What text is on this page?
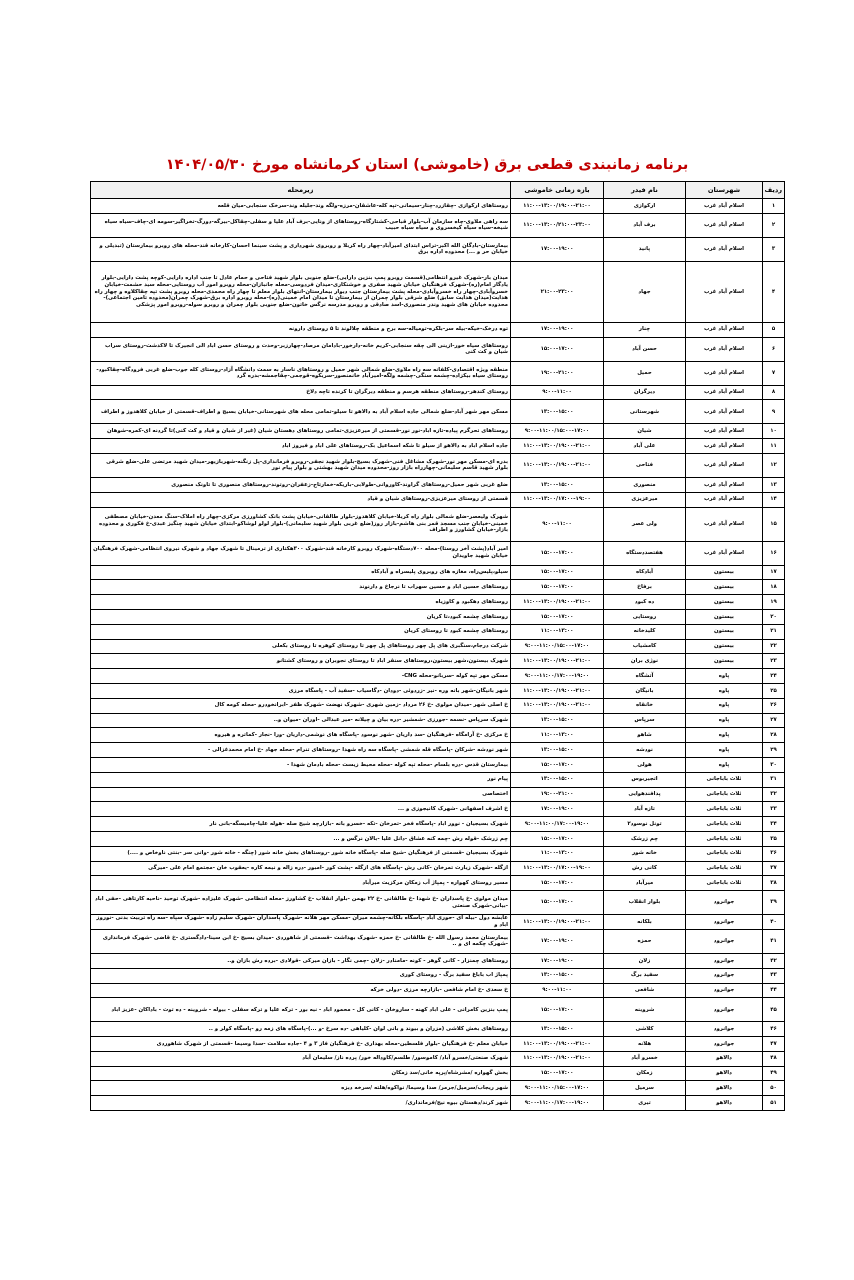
برنامه زمانبندی قطعی برق (خاموشی) استان کرمانشاه مورخ ۱۴۰۴/۰۵/۳۰
ردیف	شهرستان	نام فیدر	بازه زمانی خاموشی	زیرمحله
۱	اسلام آباد غرب	ارکوازی	۱۱:۰۰-۱۳:۰۰/۱۹:۰۰-۲۱:۰۰	روستاهای ارکوازی -چقازرد-چنار-سیمانی-تپه کله-عاشقان-مرزه-ولگه وند-جلیله وند-سرخک سنجابی-میان قلعه
۲	اسلام آباد غرب	برف آباد	۱۱:۰۰-۱۳:۰۰/۲۱:۰۰-۲۳:۰۰	سه راهی ملاوی-چاه سازمان آب-بلوار قباحی-کشتارگاه-روستاهای از ونایی-برف آباد علیا و سفلی-چقاکل-بیرگه-دورگ-تخراگیر-سومه ای-چاف-سیاه سیاه شیخه-سیاه سیاه کیخسروی و سیاه سیاه حبیب
۳	اسلام آباد غرب	پانیذ	۱۷:۰۰-۱۹:۰۰	بیمارستان-بادگان الله اکبر-تراس ابتدای امیرآباد-چهار راه کربلا و روبروی شهرداری و پشت سینما احسان-کارخانه قند-محله های روبرو بیمارستان (تبدیلی و خیابان حر و ...) محدوده اداره برق
۴	اسلام آباد غرب	جهاد	۲۱:۰۰-۲۳:۰۰	میدان بار-شهرک غیرو انتظامی(قسمت روبرو پمپ بنزین دارایی)-ضلع جنوبی بلوار شهید فتاحی و حمام عادل تا جنب اداره دارایی-کوچه پشت دارایی-بلوار یادگار امام(ره)-شهرک فرهنگیان خیابان شهید صفری و خوشنکاری-میدان فردوسی-محله جانبازان-محله روبرو امور آب روستایی-محله سید حشمت-خیابان خسروآبادی-چهار راه خسروآبادی-محله پشت بیمارستان جنب دیوار بیمارستان-انتهای بلوار معلم تا چهار راه محمدی-محله روبرو پشت تپه چقاکلاوه و چهار راه هدایت(میدان هدایت سابق) ضلع شرقی بلوار چمران از بیمارستان تا میدان امام خمینی(ره)-محله روبرو اداره برق-شهرک چمران(محدوده تامین اجتماعی)-محدوده خیابان های شهید وندر منصوری-اسد صادقی و روبرو مدرسه نرگس خاتون-ضلع جنوبی بلوار چمران و روبرو سوله-روبرو امور پزشکی
۵	اسلام آباد غرب	چنار	۱۷:۰۰-۱۹:۰۰	توه درخک-خیکه-بیله سر-بلکره-تومیاله-سه برج و منطقه چلالوند تا ۵ روستای دارونه
۶	اسلام آباد غرب	حسن آباد	۱۵:۰۰-۱۷:۰۰	روستاهای سیاه خور-ازینی الی چقه سنجابی-کریم خانه-دارخور-بادامان مرصاد-چهارزبر-وحدت و روستای حسن اباد الی انجیرک تا لاکدشت-روستای سراب شیان و کت کنی
۷	اسلام آباد غرب	حمیل	۱۹:۰۰-۲۱:۰۰	منطقه ویژه اقتصادی-کلفانه سه راه ملاوی-ضلع شمالی شهر حمیل و روستاهای ناسار به سمت دانشگاه آزاد-روستای کله جوب-ضلع غربی فرودگاه-چقاکبود-روستای سیاه بیکزاده-چشمه سنگی-چشمه ولگه-امیرآباد خانمنصور-سربکوه-قوجمی-چقاجمشه-بدره گرد
۸	اسلام آباد غرب	دیرگران	۹:۰۰-۱۱:۰۰	روستای کندهر-روستاهای منطقه هرسم و منطقه دیرگران تا کرنده تاچه دلاخ
۹	اسلام آباد غرب	شهرستانی	۱۳:۰۰-۱۵:۰۰	مسکن مهر شهر آباد-ضلع شمالی جاده اسلام آباد به دالاهو تا سیلو-تمامی محله های شهرستانی-خیابان بسیج و اطراف-قسمتی از خیابان کلاهدوز و اطراف
۱۰	اسلام آباد غرب	شیان	۹:۰۰-۱۱:۰۰/۱۵:۰۰-۱۷:۰۰	روستاهای تحرگرم پیاده-تازه اباد-نور نور-قسمتی از میرعزیزی-تمامی روستاهای دهستان شیان (غیر از شیان و قیاد و کت کنی)تا گردنه ای-کمره-شوهان
۱۱	اسلام آباد غرب	علی آباد	۱۱:۰۰-۱۳:۰۰/۱۹:۰۰-۲۱:۰۰	جاده اسلام اباد به دالاهو از سیلو تا شکه اسماعیل بک-روستاهای علی اباد و فیروز اباد
۱۲	اسلام آباد غرب	فتاحی	۱۱:۰۰-۱۳:۰۰/۱۹:۰۰-۲۱:۰۰	بدره ای-مسکن مهر نور-شهرک مشاغل فنی-شهرک بسیج-بلوار شهید نجفی-روبرو فرمانداری-پل زنگنه-شهربازیهر-میدان شهید مرتضی علی-ضلع شرقی بلوار شهید قاسم سلیمانی-چهارراه بازار روز-محدوده میدان شهید بهشتی و بلوار پیام نور
۱۳	اسلام آباد غرب	منصوری	۱۳:۰۰-۱۵:۰۰	ضلع غربی شهر حمیل-روستاهای گراوند-کاوروانی-طولابی-باریکه-خمارتاج-زعفران-روتوند-روستاهای منصوری تا تاونک منصوری
۱۴	اسلام آباد غرب	میرعزیزی	۱۱:۰۰-۱۳:۰۰/۱۷:۰۰-۱۹:۰۰	قسمتی از روستای میرعزیزی-روستاهای شیان و قیاد
۱۵	اسلام آباد غرب	ولی عصر	۹:۰۰-۱۱:۰۰	شهرک ولیعصر-ضلع شمالی بلوار راه کربلا-خیابان کلاهدوز-بلوار طالقانی-خیابان پشت بانک کشاورزی مرکزی-چهار راه املاک-سنگ معدن-خیابان مصطفی خمینی-خیابان جنب مسجد قمر بنی هاشم-بازار روز(ضلع غربی بلوار شهید سلیمانی)-بلوار لولو لوشاکو-ابتدای خیابان شهید چنگیز عبدی-خ فکوری و محدوده بازار-خیابان کشاورز و اطراف
۱۶	اسلام آباد غرب	هفتصددستگاه	۱۵:۰۰-۱۷:۰۰	امیر آباد(پشت آخر روستا)-محله ۷۰۰دستگاه-شهرک روبرو کارخانه قند-شهرک ۳۰۰هکتاری از ترمینال تا شهرک جهاد و شهرک نیروی انتظامی-شهرک فرهنگیان خیابان شهید جاویدان
۱۷	بیستون	آبادکاه	۱۵:۰۰-۱۷:۰۰	سیلو،پلیس‌راه، مغازه های روبروی پلیسراه و آبادکاه
۱۸	بیستون	برفاخ	۱۵:۰۰-۱۷:۰۰	روستاهای حسین اباد و حسین سهراب تا نرجاخ و دارنوند
۱۹	بیستون	ده کبود	۱۱:۰۰-۱۳:۰۰/۱۹:۰۰-۲۱:۰۰	روستاهای دهکبود و کاوزیاه
۲۰	بیستون	روستایی	۱۵:۰۰-۱۷:۰۰	روستاهای چشمه کبود،تا کریان
۲۱	بیستون	کلیدخانه	۱۱:۰۰-۱۳:۰۰	روستاهای چشمه کبود تا روستای کریان
۲۲	بیستون	کامشیاب	۹:۰۰-۱۱:۰۰/۱۵:۰۰-۱۷:۰۰	شرکت درجام،سنگبری های پل چهر روستاهای پل چهر تا روستای کوهره تا روستای بکعلی
۲۳	بیستون	نوژی بران	۱۱:۰۰-۱۳:۰۰/۱۹:۰۰-۲۱:۰۰	شهرک بیستون،شهر بیستون،روستاهای سنقر اباد تا روستای نجوبران و روستای کشتانو
۲۴	پاوه	آتشگاه	۹:۰۰-۱۱:۰۰/۱۷:۰۰-۱۹:۰۰	مسکن مهر تپه کوله -سربانو-محله CNG-
۲۵	پاوه	بانیگان	۱۱:۰۰-۱۳:۰۰/۱۹:۰۰-۲۱:۰۰	شهر بانیگان-شهر بانه وره -نیر -زردوئی -دودان -دگاسیاب -سفید آب - پاسگاه مرزی
۲۶	پاوه	خانقاه	۱۱:۰۰-۱۳:۰۰/۱۹:۰۰-۲۱:۰۰	خ اصلی شهر -میدان مولوی -خ ۲۶ مرداد -زمین شهری -شهرک نهضت -شهرک ظفر -ابرانخودرو -محله کومه کال
۲۷	پاوه	سرپاس	۱۳:۰۰-۱۵:۰۰	شهرک سرپاس -نسمه -جورزی -شمشیر -دره بیان و چیلانه -میر عبدالی -اوران -میوان و..
۲۸	پاوه	شاهو	۱۱:۰۰-۱۳:۰۰	خ مرکزی -خ آرامگاه -فرهنگیان -سد داریان -شهر نوسود -پاسگاه های نوشمی-داریان -ورا -نجار -کماتره و هیروه
۲۹	پاوه	نودشه	۱۳:۰۰-۱۵:۰۰	شهر نودشه -شرکان -پاسگاه قله شمشی -پاسگاه سه راه شهدا -روستاهای تنرام -محله جهاد -خ امام محمدغزالی -
۳۰	پاوه	هولی	۱۵:۰۰-۱۷:۰۰	بیمارستان قدس -دره بلسام -محله تپه کوله -محله محیط زیست -محله بادمان شهدا -
۳۱	ثلاث باباجانی	اتجیربوس	۱۳:۰۰-۱۵:۰۰	پیام نور
۳۲	ثلاث باباجانی	پدافندهوایی	۱۹:۰۰-۲۱:۰۰	اختصاصی
۳۳	ثلاث باباجانی	تازه آباد	۱۷:۰۰-۱۹:۰۰	خ اشرف اصفهانی -شهرک کانیجوزی و ...
۳۴	ثلاث باباجانی	تونل نوسود۲	۹:۰۰-۱۱:۰۰/۱۷:۰۰-۱۹:۰۰	شهرک بسیجیان - نوور اباد -پاسگاه فخر -تمرخان -تکه -خسرو بانه -بازارچه شیخ صله -هوله علیا-چامیسگه-بانی نار
۳۵	ثلاث باباجانی	چم زرشک	۱۵:۰۰-۱۷:۰۰	چم زرشک -قوله رش -چمه کنه عشاق -دانل علیا -بالان نرگس و ...
۳۶	ثلاث باباجانی	خانه شور	۱۱:۰۰-۱۳:۰۰	شهرک بسیجیان -قسمتی از فرهنگیان -شیخ صله -پاسگاه خانه شور -روستاهای بخش خانه شور (چنگه - خانه شور -وانی سر -بنتی ناوخاص و ....)
۳۷	ثلاث باباجانی	کانی رش	۱۱:۰۰-۱۳:۰۰/۱۷:۰۰-۱۹:۰۰	ازگله -شهرک زیارت تمرخان -کانی رش -پاسگاه های ازگله -پشت کور -امبور -دره زاله و نیمه کاره -یعقوب خان -مجتمع امام علی -میرگی
۳۸	ثلاث باباجانی	میرآباد	۱۵:۰۰-۱۷:۰۰	مسیر روستای کهواره - پمپاژ آب زمکان مرکزیت میرآباد
۳۹	جوانرود	بلوار انقلاب	۱۵:۰۰-۱۷:۰۰	میدان مولوی -خ پاسداران -خ شهدا -خ طالقانی -خ ۲۲ بهمن -بلوار انقلاب -خ کشاورز -محله انتظامی -شهرک علیزاده -شهرک توحید -ناحیه کارتاهی -حفی اباد -بیانی-شهرک صنعتی
۴۰	جوانرود	بلکانه	۱۱:۰۰-۱۳:۰۰/۱۹:۰۰-۲۱:۰۰	عابشه دول -بیله ای -حوری آباد -پاسگاه بلکانه-چشمه میران -مسکن مهر هلانه -شهرک پاسداران -شهرک سلیم زاده -شهرک سپاه -سه راه تربیت بدنی -نوروز اباد و
۴۱	جوانرود	حمزه	۱۷:۰۰-۱۹:۰۰	بیمارستان محمد رسول الله -خ طالقانی -خ حمزه -شهرک بهداشت -قسمتی از شاهوردی -میدان بسیج -خ ابن سینا-دادگستری -خ قاضی -شهرک فرمانداری -شهرک چکمه ای و ..
۴۲	جوانرود	زلان	۱۷:۰۰-۱۹:۰۰	روستاهای چمنزار - کانی گوهر - کونه -مامنادر -زلان -چمی نگار - بازان میرکی -قولادی -برده رش بازان و..
۴۳	جوانرود	سفید برگ	۱۳:۰۰-۱۵:۰۰	پمپاژ اب باباغ سفید برگ - روستای کوری
۴۴	جوانرود	شافعی	۹:۰۰-۱۱:۰۰	خ سعدی -خ امام شافعی -بازارچه مرزی -دولی خرکه
۴۵	جوانرود	شروینه	۱۵:۰۰-۱۷:۰۰	پمپ بنزین کامرانی - علی اباد کهنه - ساروخان - کانی کل - محمود اباد - نیه بور - ترکه علیا و ترکه سفلی - بیوله - شروینه - ده توت - باداکان -عزیز اباد
۴۶	جوانرود	کلاشی	۱۳:۰۰-۱۵:۰۰	روستاهای بخش کلاشی (مزران و بیوند و بانی لوان -کلیاهی -ده سرخ -و ...)-پاسگاه های زمه رو -پاسگاه کولر و ..
۴۷	جوانرود	هلانه	۱۱:۰۰-۱۳:۰۰/۱۹:۰۰-۲۱:۰۰	خیابان معلم -خ فرهنگیان -بلوار فلسطین-محله بهداری -خ فرهنگیان فاز ۳ و ۴ -جاده سلامت -سدا وسیما -قسمتی از شهرک شاهوردی
۴۸	دالاهو	خسرو آباد	۱۱:۰۰-۱۳:۰۰/۱۹:۰۰-۲۱:۰۰	شهرک صنعتی/خسرو آباد/ کاموسور/ طلسم/کاوداله خور/ پرده ناز/ سلیمان آباد
۴۹	دالاهو	زمکان	۱۵:۰۰-۱۷:۰۰	بخش گهواره /مشرشاه/پرپه خانی/سد زمکان
۵۰	دالاهو	سرمیل	۹:۰۰-۱۱:۰۰/۱۵:۰۰-۱۷:۰۰	شهر ریجاب/سرمیل/جرمر/ صدا وسیما/ نواکوه/هلته /سرخه دیزه
۵۱	دالاهو	تیری	۹:۰۰-۱۱:۰۰/۱۷:۰۰-۱۹:۰۰	شهر کرند/دهستان بیوه نیج/فرمانداری/
